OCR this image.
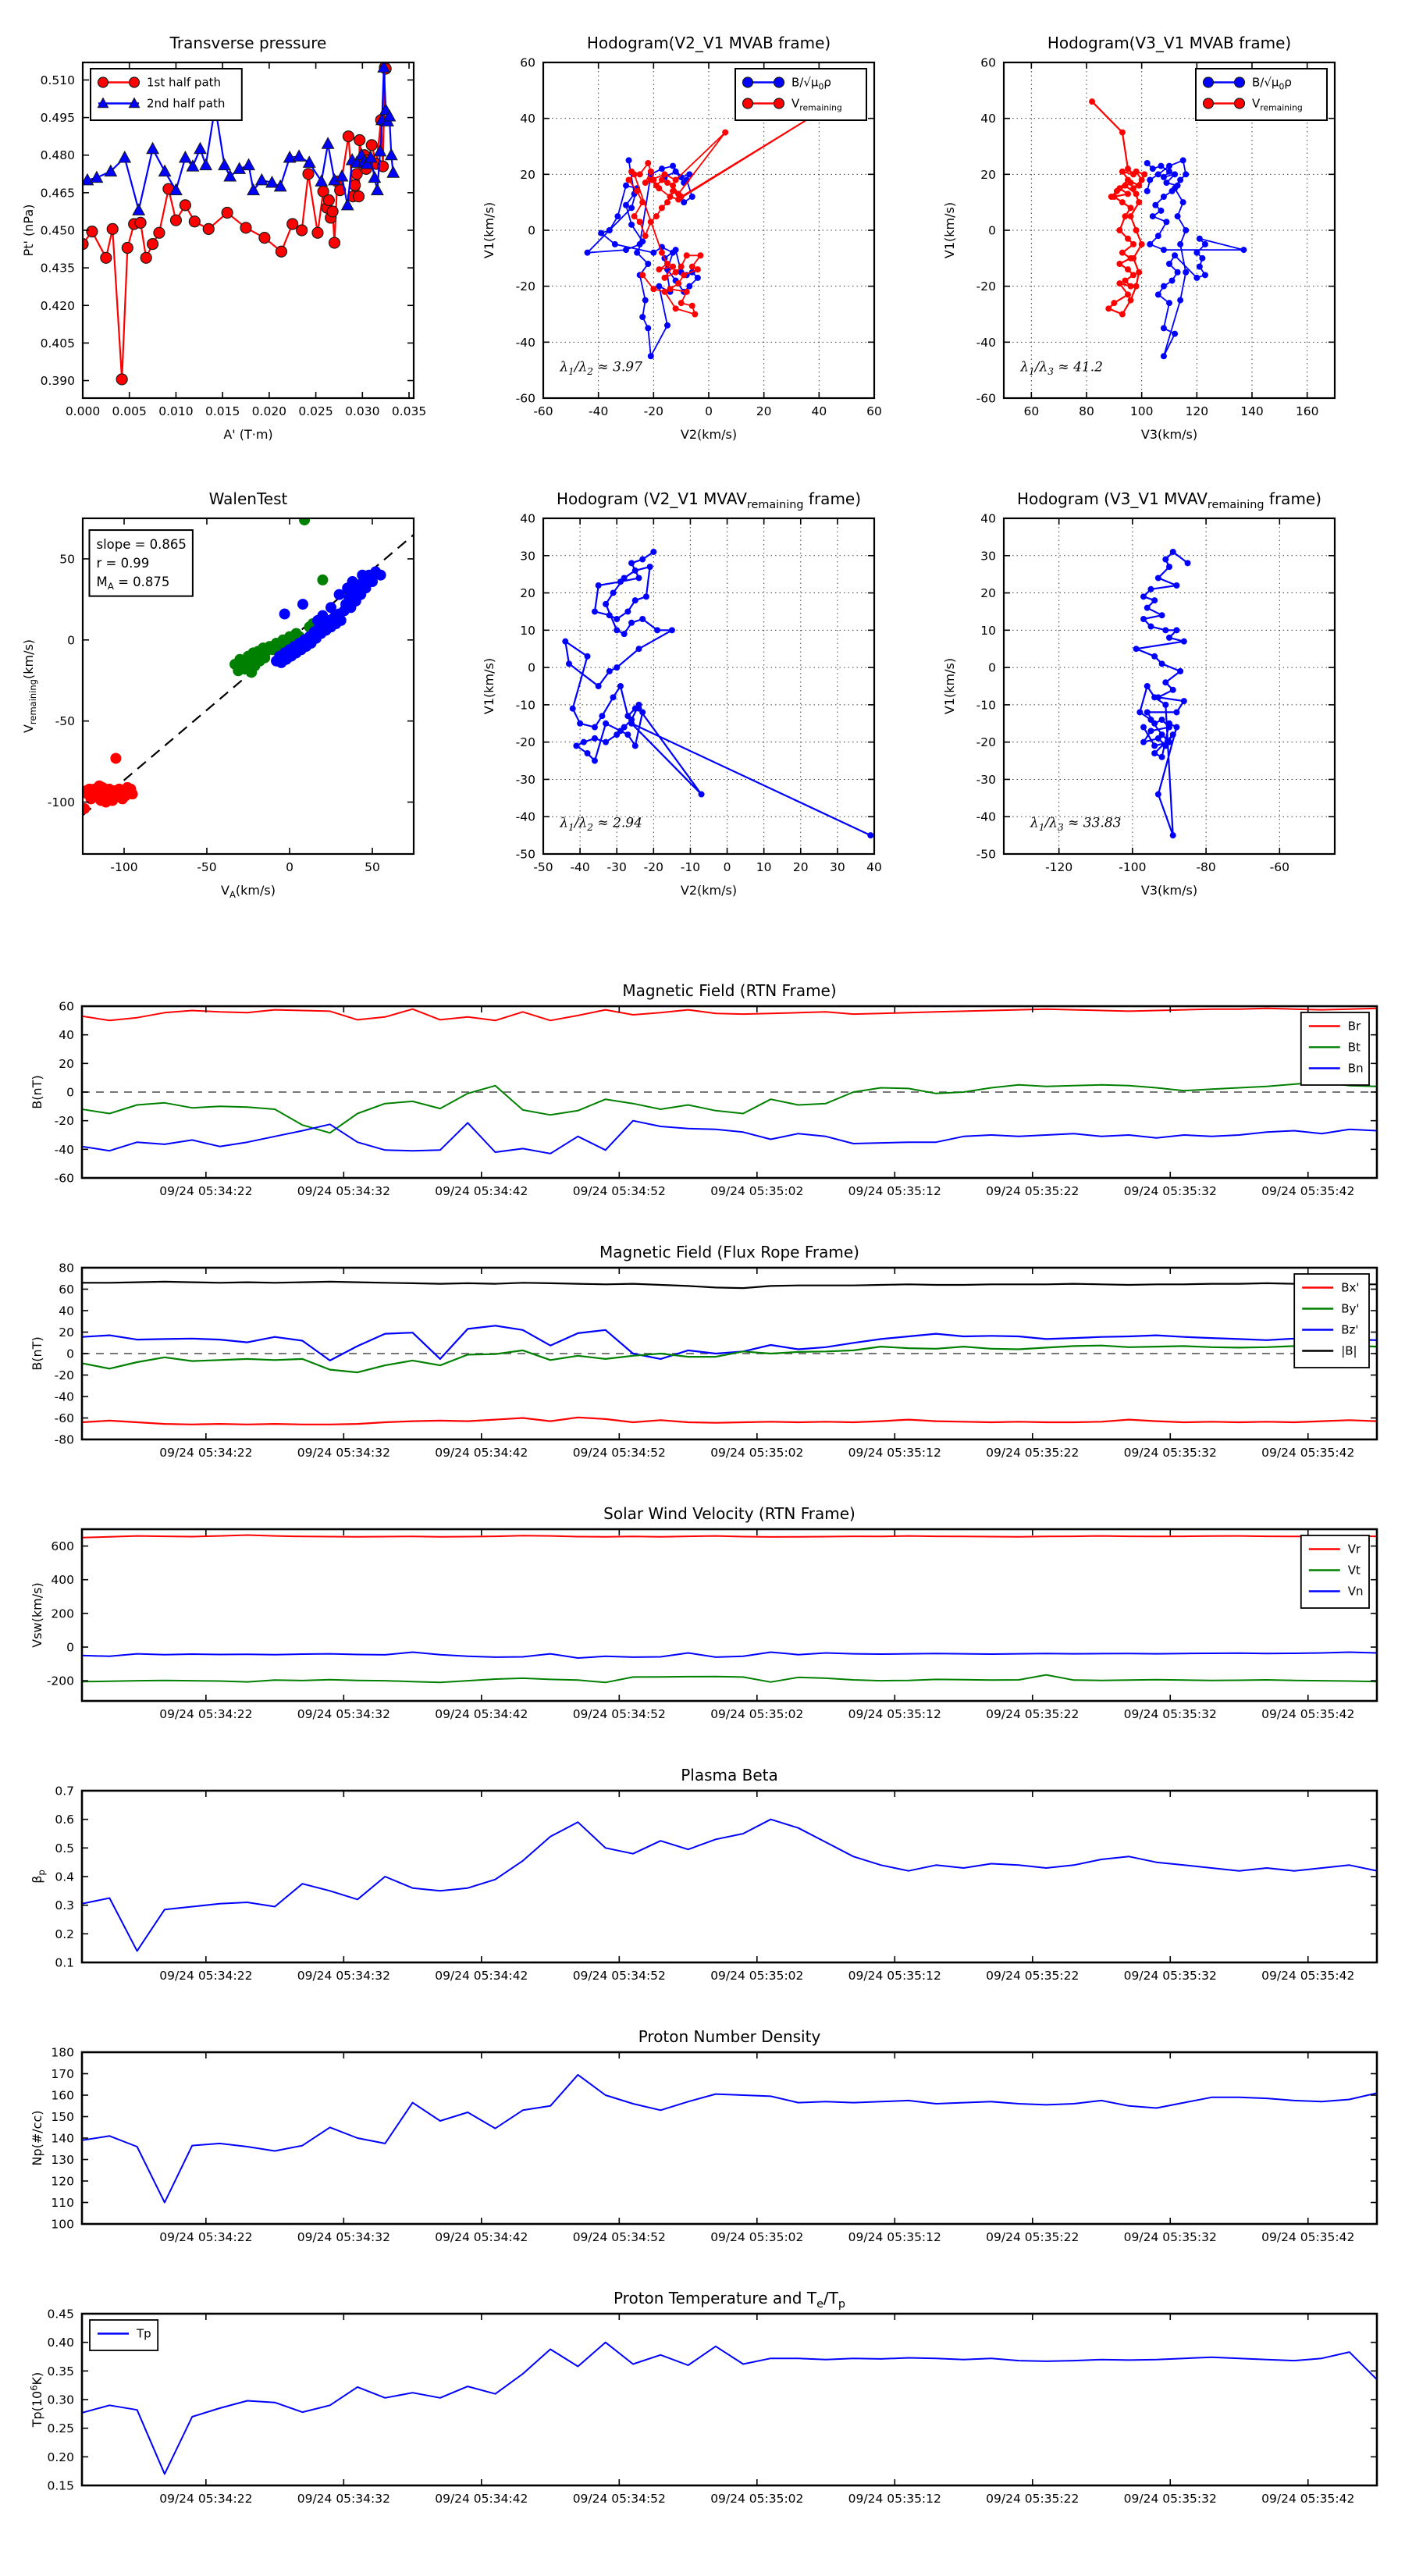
0.000 0.005 0.010 0.015 0.020 0.025 0.030 0.035
0.390
0.405
0.420
0.435
0.450
0.465
0.480
0.495
0.510
Transverse pressure
A' (T·m)
Pt' (nPa)
1st half path
2nd half path
-60	-40	-20	0	20	40	60
-60
-40
-20
0
20
40
60
Hodogram(V2_V1 MVAB frame)
V2(km/s)
V1(km/s)
$B/√\mu_0\rho$
$V_{remaining}$
$\lambda_1/\lambda_2 \approx 3.97$
60	80	100	120	140	160
-60
-40
-20
0
20
40
60
Hodogram(V3_V1 MVAB frame)
V3(km/s)
V1(km/s)
$B/√\mu_0\rho$
$V_{remaining}$
$\lambda_1/\lambda_3 \approx 41.2$
-100	-50	0	50
-100
-50
0
50
WalenTest
$V_A(km/s)$
$V_{remaining}(km/s)$
slope = 0.865
r = 0.99
$M_A = 0.875$
-50 -40 -30 -20 -10 0 10 20 30 40
-50
-40
-30
-20
-10
0
10
20
30
40
Hodogram (V2_V1 $MVAV_{remaining}$ frame)
V2(km/s)
V1(km/s)
$\lambda_1/\lambda_2 \approx 2.94$
-120	-100	-80	-60
-50
-40
-30
-20
-10
0
10
20
30
40
Hodogram (V3_V1 $MVAV_{remaining}$ frame)
V3(km/s)
V1(km/s)
$\lambda_1/\lambda_3 \approx 33.83$
09/24 05:34:22	09/24 05:34:32	09/24 05:34:42	09/24 05:34:52	09/24 05:35:02	09/24 05:35:12	09/24 05:35:22	09/24 05:35:32	09/24 05:35:42
-60
-40
-20
0
20
40
60
Magnetic Field (RTN Frame)
B(nT)
Br
Bt
Bn
09/24 05:34:22	09/24 05:34:32	09/24 05:34:42	09/24 05:34:52	09/24 05:35:02	09/24 05:35:12	09/24 05:35:22	09/24 05:35:32	09/24 05:35:42
-80
-60
-40
-20
0
20
40
60
80
Magnetic Field (Flux Rope Frame)
B(nT)
Bx'
By'
Bz'
|B|
09/24 05:34:22	09/24 05:34:32	09/24 05:34:42	09/24 05:34:52	09/24 05:35:02	09/24 05:35:12	09/24 05:35:22	09/24 05:35:32	09/24 05:35:42
-200
0
200
400
600
Solar Wind Velocity (RTN Frame)
Vsw(km/s)
Vr
Vt
Vn
09/24 05:34:22	09/24 05:34:32	09/24 05:34:42	09/24 05:34:52	09/24 05:35:02	09/24 05:35:12	09/24 05:35:22	09/24 05:35:32	09/24 05:35:42
0.1
0.2
0.3
0.4
0.5
0.6
0.7
Plasma Beta
$\beta_p$
09/24 05:34:22	09/24 05:34:32	09/24 05:34:42	09/24 05:34:52	09/24 05:35:02	09/24 05:35:12	09/24 05:35:22	09/24 05:35:32	09/24 05:35:42
100
110
120
130
140
150
160
170
180
Proton Number Density
Np(#/cc)
09/24 05:34:22	09/24 05:34:32	09/24 05:34:42	09/24 05:34:52	09/24 05:35:02	09/24 05:35:12	09/24 05:35:22	09/24 05:35:32	09/24 05:35:42
0.15
0.20
0.25
0.30
0.35
0.40
0.45
Proton Temperature and $T_e/T_p$
$Tp(10^6K)$
Tp
